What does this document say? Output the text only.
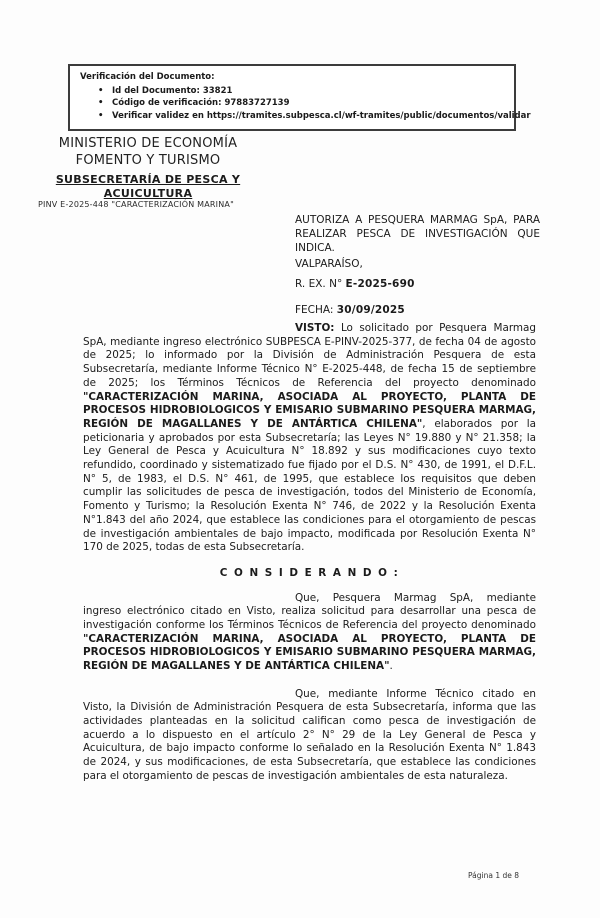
Verificación del Documento:
• Id del Documento: 33821
• Código de verificación: 97883727139
• Verificar validez en https://tramites.subpesca.cl/wf-tramites/public/documentos/validar
MINISTERIO DE ECONOMÍA
FOMENTO Y TURISMO
SUBSECRETARÍA DE PESCA Y ACUICULTURA
PINV E-2025-448 "CARACTERIZACIÓN MARINA"
AUTORIZA A PESQUERA MARMAG SpA, PARA REALIZAR PESCA DE INVESTIGACIÓN QUE INDICA.
VALPARAÍSO,
R. EX. N° E-2025-690
FECHA: 30/09/2025

VISTO: Lo solicitado por Pesquera Marmag SpA, mediante ingreso electrónico SUBPESCA E-PINV-2025-377, de fecha 04 de agosto de 2025; lo informado por la División de Administración Pesquera de esta Subsecretaría, mediante Informe Técnico N° E-2025-448, de fecha 15 de septiembre de 2025; los Términos Técnicos de Referencia del proyecto denominado "CARACTERIZACIÓN MARINA, ASOCIADA AL PROYECTO, PLANTA DE PROCESOS HIDROBIOLOGICOS Y EMISARIO SUBMARINO PESQUERA MARMAG, REGIÓN DE MAGALLANES Y DE ANTÁRTICA CHILENA", elaborados por la peticionaria y aprobados por esta Subsecretaría; las Leyes N° 19.880 y N° 21.358; la Ley General de Pesca y Acuicultura N° 18.892 y sus modificaciones cuyo texto refundido, coordinado y sistematizado fue fijado por el D.S. N° 430, de 1991, el D.F.L. N° 5, de 1983, el D.S. N° 461, de 1995, que establece los requisitos que deben cumplir las solicitudes de pesca de investigación, todos del Ministerio de Economía, Fomento y Turismo; la Resolución Exenta N° 746, de 2022 y la Resolución Exenta N°1.843 del año 2024, que establece las condiciones para el otorgamiento de pescas de investigación ambientales de bajo impacto, modificada por Resolución Exenta N° 170 de 2025, todas de esta Subsecretaría.

C O N S I D E R A N D O :

Que, Pesquera Marmag SpA, mediante ingreso electrónico citado en Visto, realiza solicitud para desarrollar una pesca de investigación conforme los Términos Técnicos de Referencia del proyecto denominado "CARACTERIZACIÓN MARINA, ASOCIADA AL PROYECTO, PLANTA DE PROCESOS HIDROBIOLOGICOS Y EMISARIO SUBMARINO PESQUERA MARMAG, REGIÓN DE MAGALLANES Y DE ANTÁRTICA CHILENA".

Que, mediante Informe Técnico citado en Visto, la División de Administración Pesquera de esta Subsecretaría, informa que las actividades planteadas en la solicitud califican como pesca de investigación de acuerdo a lo dispuesto en el artículo 2° N° 29 de la Ley General de Pesca y Acuicultura, de bajo impacto conforme lo señalado en la Resolución Exenta N° 1.843 de 2024, y sus modificaciones, de esta Subsecretaría, que establece las condiciones para el otorgamiento de pescas de investigación ambientales de esta naturaleza.

Página 1 de 8
